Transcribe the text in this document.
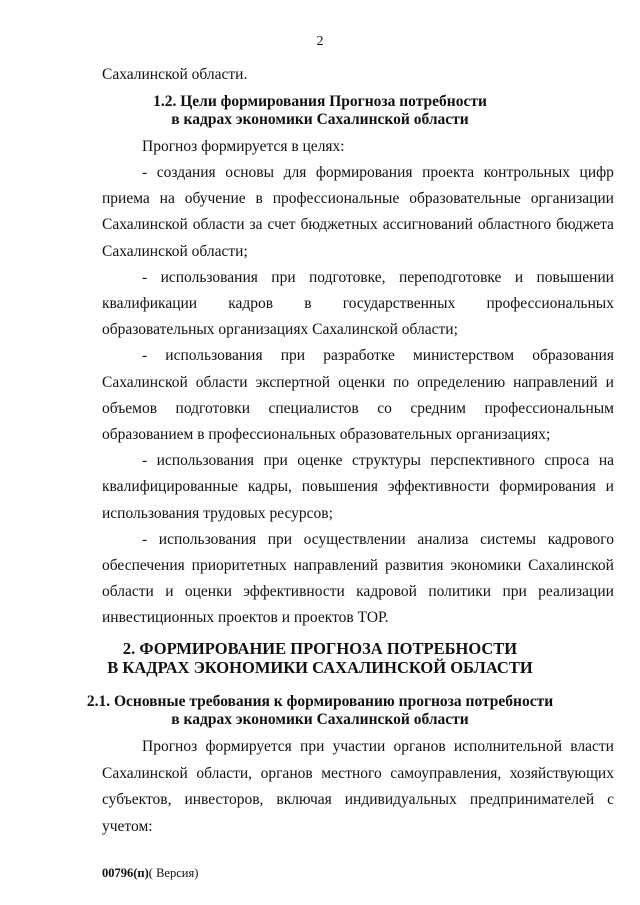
2
Сахалинской области.
1.2. Цели формирования Прогноза потребности
в кадрах экономики Сахалинской области
Прогноз формируется в целях:
- создания основы для формирования проекта контрольных цифр
приема на обучение в профессиональные образовательные организации
Сахалинской области за счет бюджетных ассигнований областного бюджета
Сахалинской области;
- использования при подготовке, переподготовке и повышении
квалификации кадров в государственных профессиональных
образовательных организациях Сахалинской области;
- использования при разработке министерством образования
Сахалинской области экспертной оценки по определению направлений и
объемов подготовки специалистов со средним профессиональным
образованием в профессиональных образовательных организациях;
- использования при оценке структуры перспективного спроса на
квалифицированные кадры, повышения эффективности формирования и
использования трудовых ресурсов;
- использования при осуществлении анализа системы кадрового
обеспечения приоритетных направлений развития экономики Сахалинской
области и оценки эффективности кадровой политики при реализации
инвестиционных проектов и проектов ТОР.
2. ФОРМИРОВАНИЕ ПРОГНОЗА ПОТРЕБНОСТИ
В КАДРАХ ЭКОНОМИКИ САХАЛИНСКОЙ ОБЛАСТИ
2.1. Основные требования к формированию прогноза потребности
в кадрах экономики Сахалинской области
Прогноз формируется при участии органов исполнительной власти
Сахалинской области, органов местного самоуправления, хозяйствующих
субъектов, инвесторов, включая индивидуальных предпринимателей с
учетом:
00796(п)( Версия)
